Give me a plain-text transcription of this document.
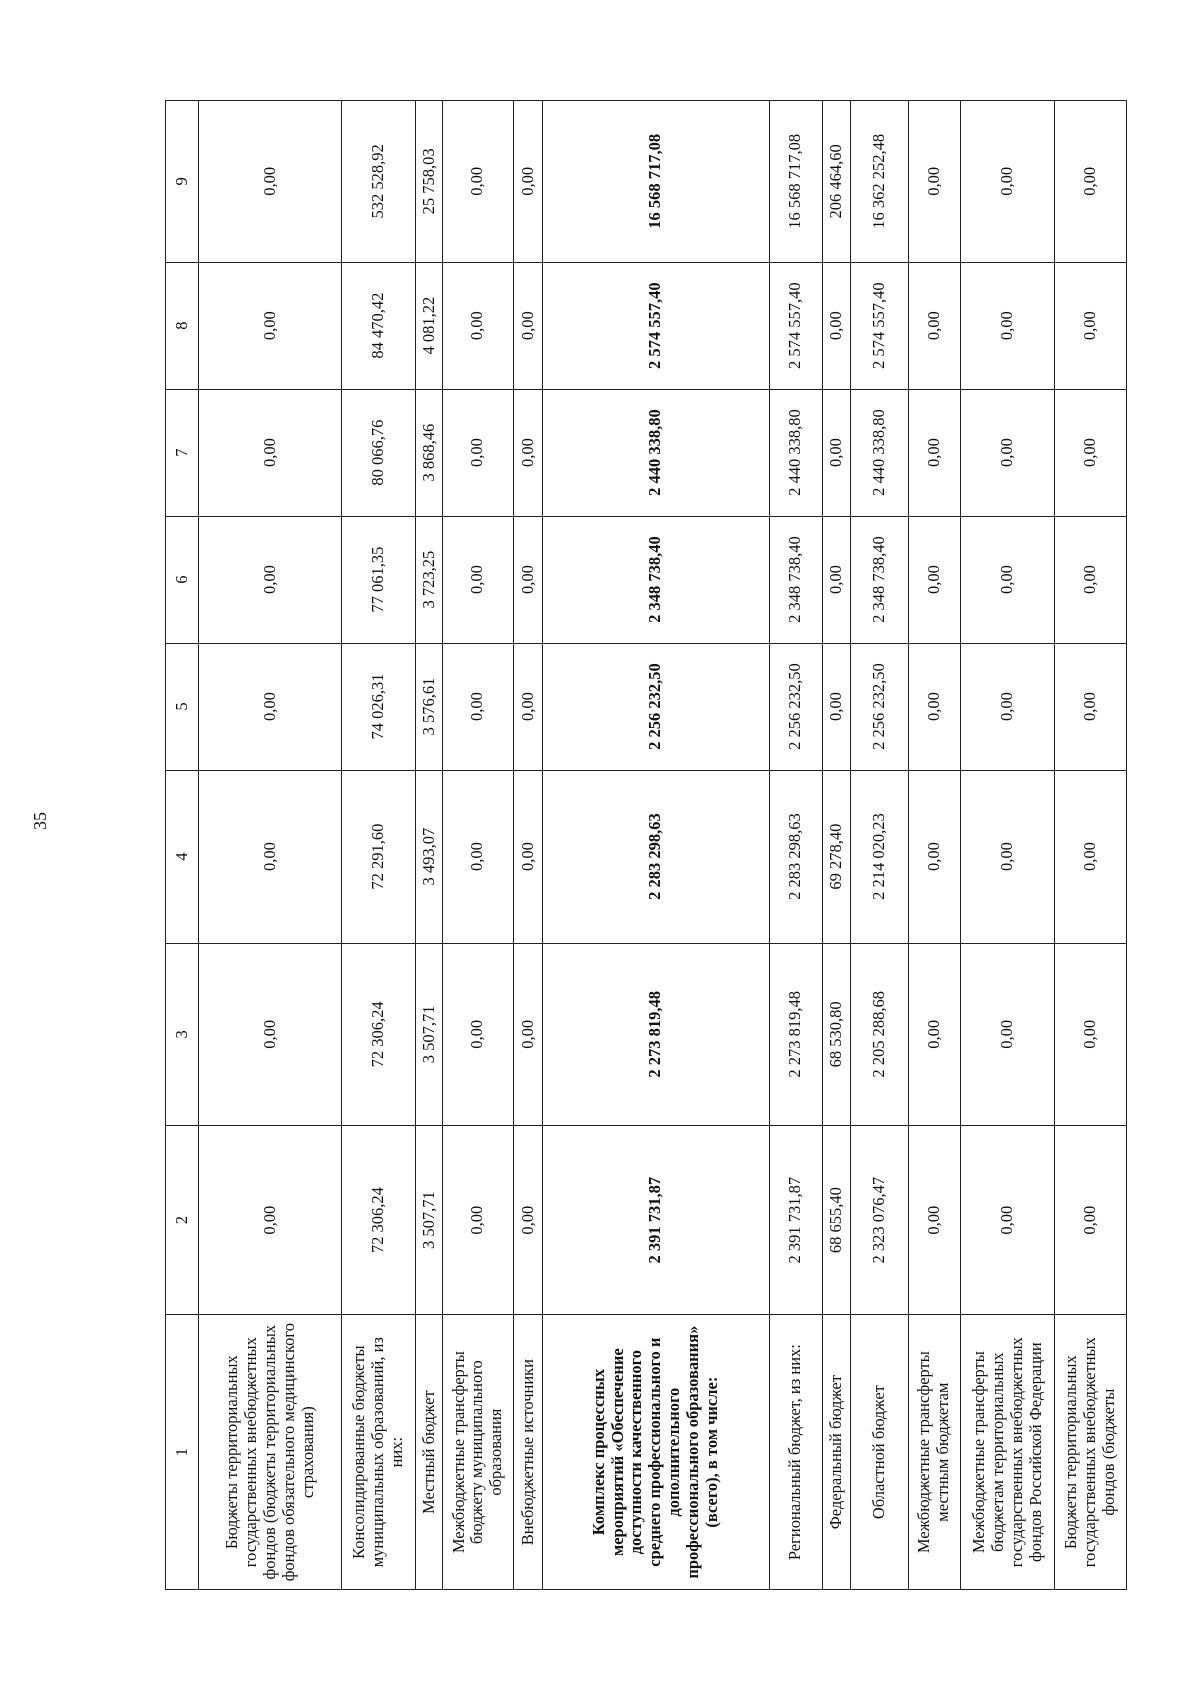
35
1	2	3	4	5	6	7	8	9
Бюджеты территориальных государственных внебюджетных фондов (бюджеты территориальных фондов обязательного медицинского страхования)	0,00	0,00	0,00	0,00	0,00	0,00	0,00	0,00
Консолидированные бюджеты муниципальных образований, из них:	72 306,24	72 306,24	72 291,60	74 026,31	77 061,35	80 066,76	84 470,42	532 528,92
Местный бюджет	3 507,71	3 507,71	3 493,07	3 576,61	3 723,25	3 868,46	4 081,22	25 758,03
Межбюджетные трансферты бюджету муниципального образования	0,00	0,00	0,00	0,00	0,00	0,00	0,00	0,00
Внебюджетные источники	0,00	0,00	0,00	0,00	0,00	0,00	0,00	0,00
Комплекс процессных мероприятий «Обеспечение доступности качественного среднего профессионального и дополнительного профессионального образования» (всего), в том числе:	2 391 731,87	2 273 819,48	2 283 298,63	2 256 232,50	2 348 738,40	2 440 338,80	2 574 557,40	16 568 717,08
Региональный бюджет, из них:	2 391 731,87	2 273 819,48	2 283 298,63	2 256 232,50	2 348 738,40	2 440 338,80	2 574 557,40	16 568 717,08
Федеральный бюджет	68 655,40	68 530,80	69 278,40	0,00	0,00	0,00	0,00	206 464,60
Областной бюджет	2 323 076,47	2 205 288,68	2 214 020,23	2 256 232,50	2 348 738,40	2 440 338,80	2 574 557,40	16 362 252,48
Межбюджетные трансферты местным бюджетам	0,00	0,00	0,00	0,00	0,00	0,00	0,00	0,00
Межбюджетные трансферты бюджетам территориальных государственных внебюджетных фондов Российской Федерации	0,00	0,00	0,00	0,00	0,00	0,00	0,00	0,00
Бюджеты территориальных государственных внебюджетных фондов (бюджеты	0,00	0,00	0,00	0,00	0,00	0,00	0,00	0,00
